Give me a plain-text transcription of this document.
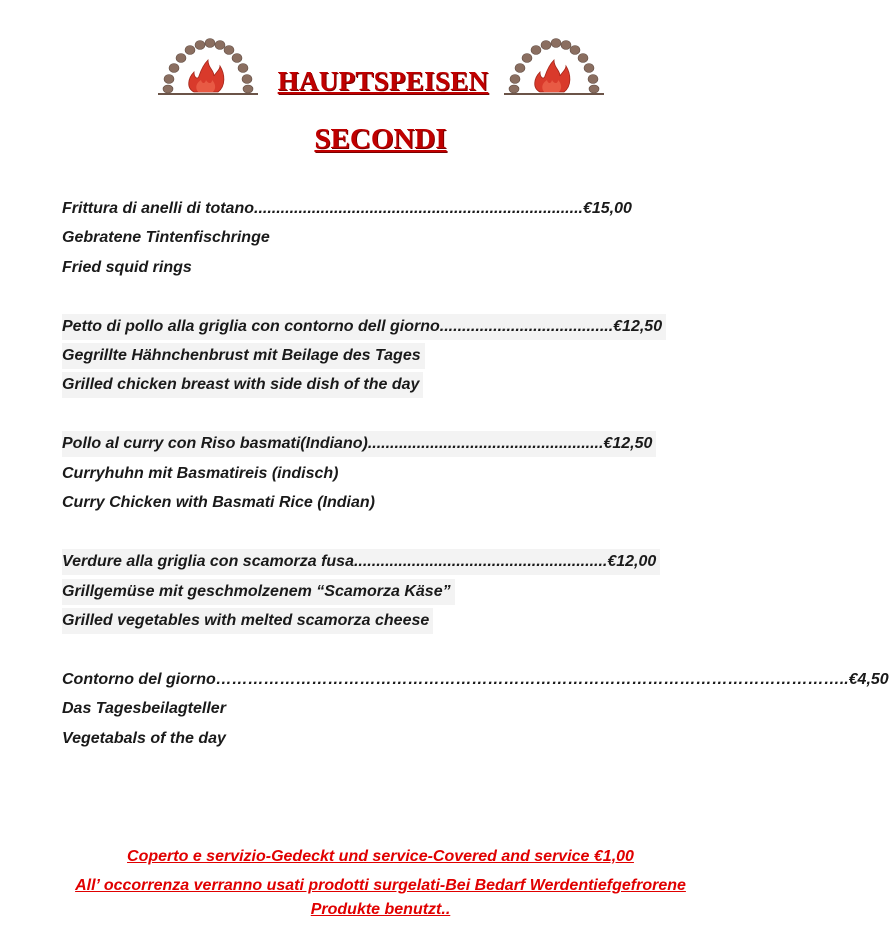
HAUPTSPEISEN
SECONDI
Frittura di anelli di totano..........................................................................€15,00
Gebratene Tintenfischringe
Fried squid rings
Petto di pollo alla griglia con contorno dell giorno.......................................€12,50
Gegrillte Hähnchenbrust mit Beilage des Tages
Grilled chicken breast with side dish of the day
Pollo al curry con Riso basmati(Indiano).....................................................€12,50
Curryhuhn mit Basmatireis (indisch)
Curry Chicken with Basmati Rice (Indian)
Verdure alla griglia con scamorza fusa.........................................................€12,00
Grillgemüse mit geschmolzenem “Scamorza Käse”
Grilled vegetables with melted scamorza cheese
Contorno del giorno………………………………………………………………………………………………………..€4,50
Das Tagesbeilagteller
Vegetabals of the day
Coperto e servizio-Gedeckt und service-Covered and service €1,00
All’ occorrenza verranno usati prodotti surgelati-Bei Bedarf Werdentiefgefrorene
Produkte benutzt..
